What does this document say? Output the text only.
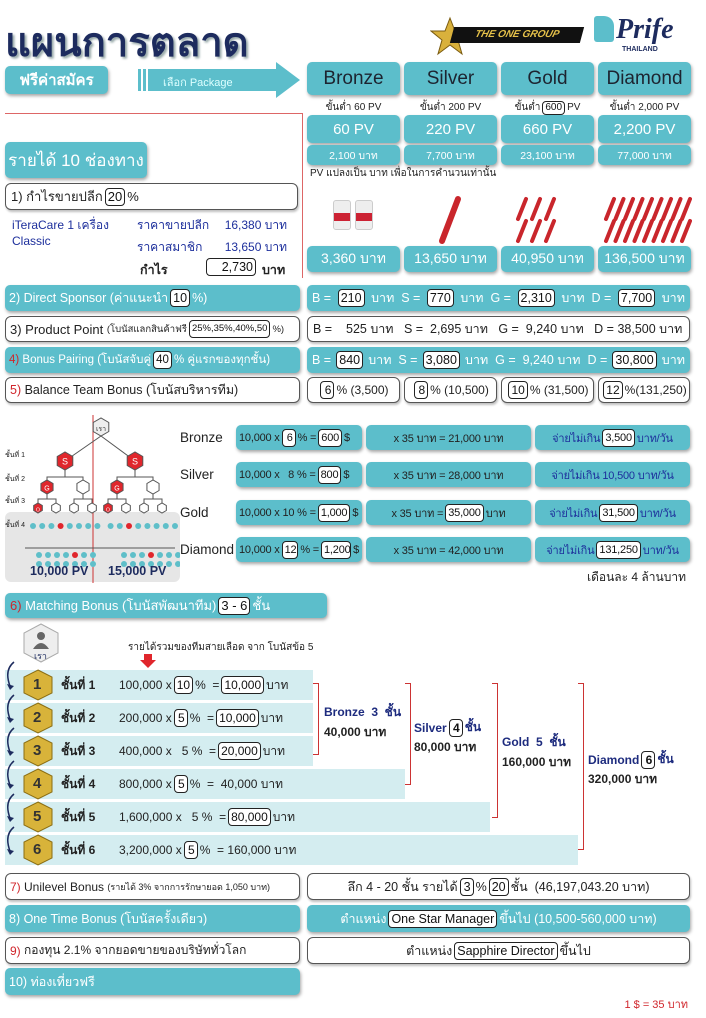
แผนการตลาด	THE ONE GROUP	Prife
THAILAND
ฟรีค่าสมัคร	เลือก Package
PV แปลงเป็น บาท เพื่อในการคำนวนเท่านั้น
รายได้ 10 ช่องทาง
1) กำไรขายปลีก 20 %
iTeraCare 1 เครื่อง
Classic
ราคาขายปลีก 16,380 บาท
ราคาสมาชิก 13,650 บาท
กำไร	2,730 บาท
เรา
S	S
G
O
G
O
ชั้นที่ 1
ชั้นที่ 2
ชั้นที่ 3
ชั้นที่ 4
10,000 PV 15,000 PV	เดือนละ 4 ล้านบาท
6) Matching Bonus (โบนัสพัฒนาทีม) 3 - 6 ชั้น
เรา
รายได้รวมของทีมสายเลือด จาก โบนัสข้อ 5
1 $ = 35 บาท
Bronze
ขั้นต่ำ 60 PV
60 PV
2,100 บาท
3,360 บาท
Silver
ขั้นต่ำ 200 PV
220 PV
7,700 บาท
13,650 บาท
Gold
ขั้นต่ำ 600 PV
660 PV
23,100 บาท
40,950 บาท
Diamond
ขั้นต่ำ 2,000 PV
2,200 PV
77,000 บาท
136,500 บาท
2) Direct Sponsor (ค่าแนะนำ 10 %)	B = 210 บาท  S = 770 บาท  G = 2,310 บาท  D = 7,700 บาท
3) Product Point (โบนัสแลกสินค้าฟรี 25%,35%,40%,50 %) B =    525 บาท   S =  2,695 บาท   G =  9,240 บาท   D = 38,500 บาท
4) Bonus Pairing (โบนัสจับคู่ 40 % คู่แรกของทุกชั้น)	B = 840 บาท  S = 3,080 บาท  G =  9,240 บาท  D = 30,800 บาท
5) Balance Team Bonus (โบนัสบริหารทีม)	6 % (3,500)	8 % (10,500) 10 % (31,500) 12 %(131,250)
Bronze 10,000 x 6 % = 600 $	x 35 บาท = 21,000 บาท	จ่ายไม่เกิน 3,500 บาท/วัน
Silver 10,000 x   8 % = 800 $	x 35 บาท = 28,000 บาท	จ่ายไม่เกิน 10,500 บาท/วัน
Gold	10,000 x 10 % = 1,000 $	x 35 บาท = 35,000 บาท	จ่ายไม่เกิน 31,500 บาท/วัน
Diamond 10,000 x 12 % = 1,200 $	x 35 บาท = 42,000 บาท	จ่ายไม่เกิน 131,250 บาท/วัน
1 ชั้นที่ 1	100,000 x 10 %  = 10,000 บาท
2 ชั้นที่ 2	200,000 x 5 %  = 10,000 บาท
3 ชั้นที่ 3	400,000 x   5 %  = 20,000 บาท
4 ชั้นที่ 4	800,000 x 5 %  =  40,000 บาท
5 ชั้นที่ 5	1,600,000 x   5 %  = 80,000 บาท
6 ชั้นที่ 6	3,200,000 x 5 %  = 160,000 บาท
Bronze  3  ชั้น
40,000 บาท Silver 4 ชั้น
80,000 บาท Gold  5  ชั้น
160,000 บาท Diamond 6 ชั้น
320,000 บาท
7) Unilevel Bonus (รายได้ 3% จากการรักษายอด 1,050 บาท)	ลึก 4 - 20 ชั้น รายได้ 3 % 20 ชั้น  (46,197,043.20 บาท)
8) One Time Bonus (โบนัสครั้งเดียว)	ตำแหน่ง One Star Manager ขึ้นไป (10,500-560,000 บาท)
9) กองทุน 2.1% จากยอดขายของบริษัททั่วโลก	ตำแหน่ง Sapphire Director ขึ้นไป
10) ท่องเที่ยวฟรี
